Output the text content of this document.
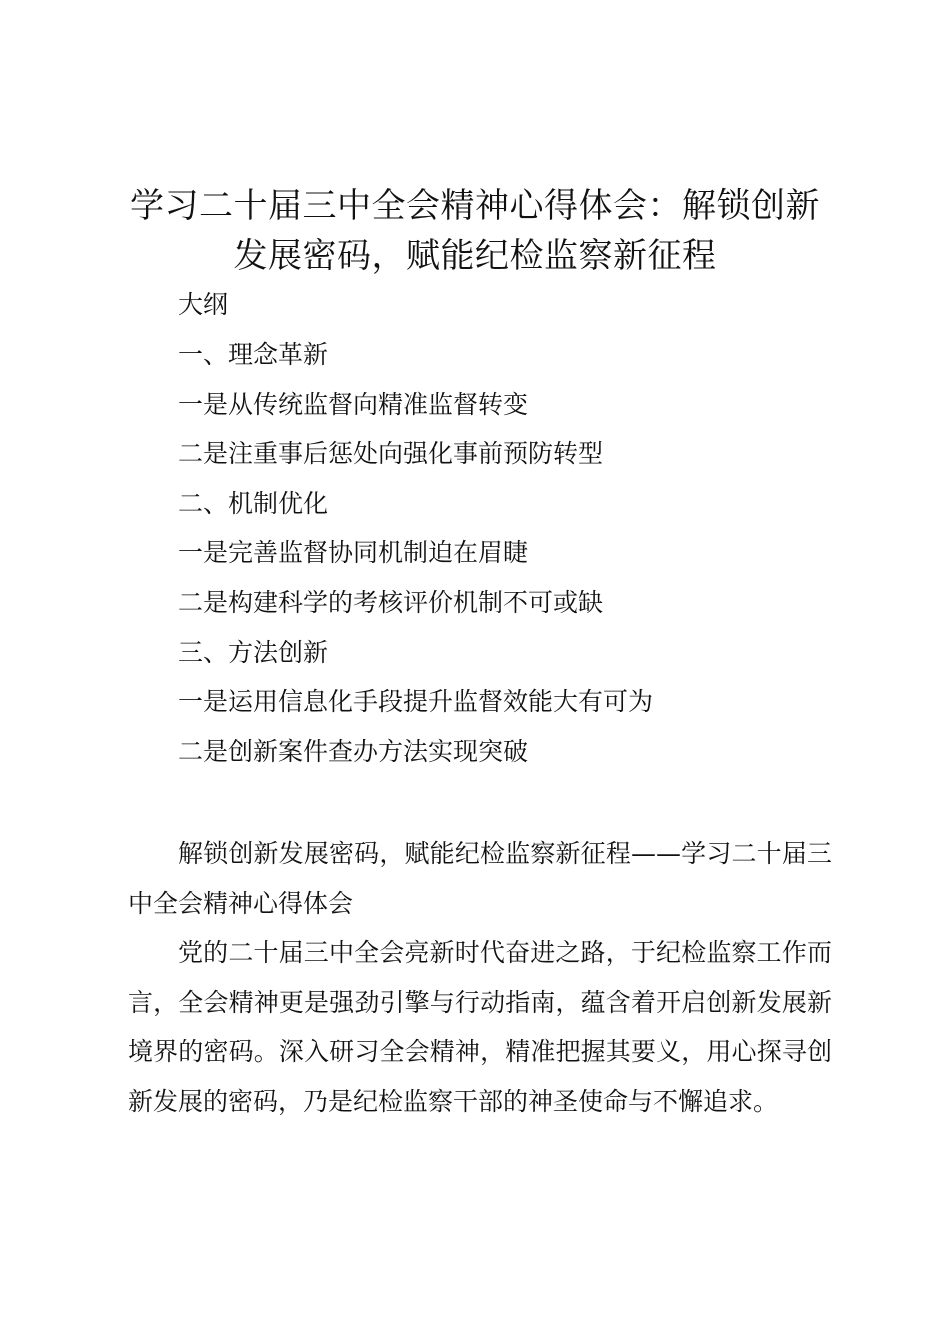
学习二十届三中全会精神心得体会：解锁创新
发展密码，赋能纪检监察新征程

大纲

一、理念革新

一是从传统监督向精准监督转变

二是注重事后惩处向强化事前预防转型

二、机制优化

一是完善监督协同机制迫在眉睫

二是构建科学的考核评价机制不可或缺

三、方法创新

一是运用信息化手段提升监督效能大有可为

二是创新案件查办方法实现突破

解锁创新发展密码，赋能纪检监察新征程——学习二十届三中全会精神心得体会

党的二十届三中全会亮新时代奋进之路，于纪检监察工作而言，全会精神更是强劲引擎与行动指南，蕴含着开启创新发展新境界的密码。深入研习全会精神，精准把握其要义，用心探寻创新发展的密码，乃是纪检监察干部的神圣使命与不懈追求。
